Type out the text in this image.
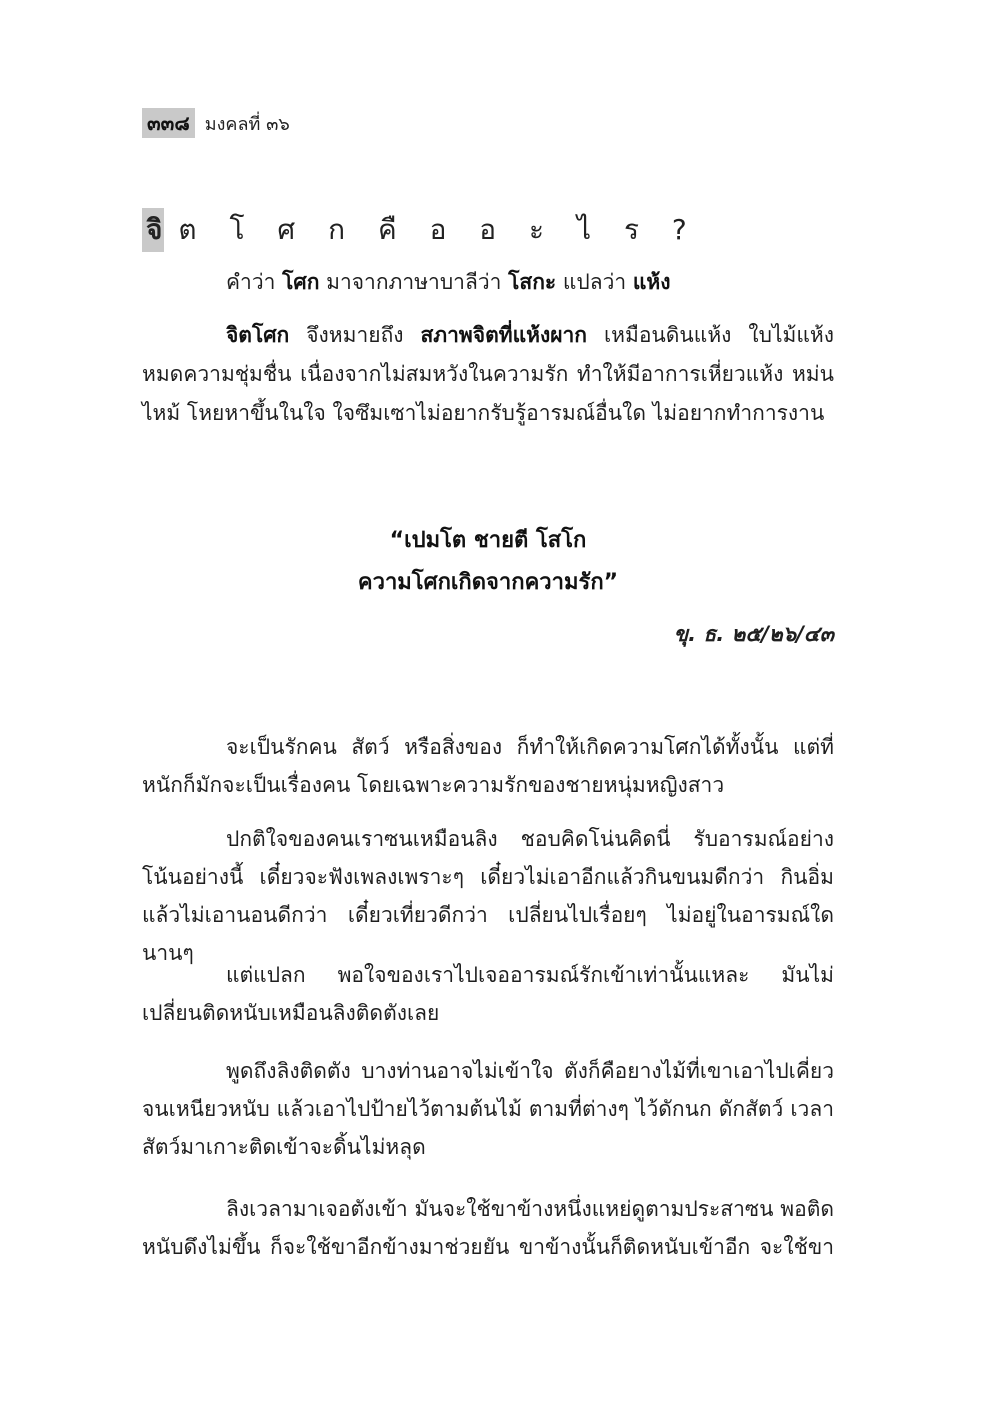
๓๓๘ มงคลที่ ๓๖
จิ ต โ ศ ก คื อ อ ะ ไ ร ?
คำว่า โศก มาจากภาษาบาลีว่า โสกะ แปลว่า แห้ง
จิตโศก จึงหมายถึง สภาพจิตที่แห้งผาก เหมือนดินแห้ง ใบไม้แห้ง หมดความชุ่มชื่น เนื่องจากไม่สมหวังในความรัก ทำให้มีอาการเหี่ยวแห้ง หม่นไหม้ โหยหาขึ้นในใจ ใจซึมเซาไม่อยากรับรู้อารมณ์อื่นใด ไม่อยากทำการงาน
“เปมโต ชายตี โสโก
ความโศกเกิดจากความรัก”
ขุ. ธ. ๒๕/๒๖/๔๓
จะเป็นรักคน สัตว์ หรือสิ่งของ ก็ทำให้เกิดความโศกได้ทั้งนั้น แต่ที่หนักก็มักจะเป็นเรื่องคน โดยเฉพาะความรักของชายหนุ่มหญิงสาว
ปกติใจของคนเราซนเหมือนลิง ชอบคิดโน่นคิดนี่ รับอารมณ์อย่างโน้นอย่างนี้ เดี๋ยวจะฟังเพลงเพราะๆ เดี๋ยวไม่เอาอีกแล้วกินขนมดีกว่า กินอิ่มแล้วไม่เอานอนดีกว่า เดี๋ยวเที่ยวดีกว่า เปลี่ยนไปเรื่อยๆ ไม่อยู่ในอารมณ์ใดนานๆ
แต่แปลก พอใจของเราไปเจออารมณ์รักเข้าเท่านั้นแหละ มันไม่เปลี่ยนติดหนับเหมือนลิงติดตังเลย
พูดถึงลิงติดตัง บางท่านอาจไม่เข้าใจ ตังก็คือยางไม้ที่เขาเอาไปเคี่ยวจนเหนียวหนับ แล้วเอาไปป้ายไว้ตามต้นไม้ ตามที่ต่างๆ ไว้ดักนก ดักสัตว์ เวลาสัตว์มาเกาะติดเข้าจะดิ้นไม่หลุด
ลิงเวลามาเจอตังเข้า มันจะใช้ขาข้างหนึ่งแหย่ดูตามประสาซน พอติดหนับดึงไม่ขึ้น ก็จะใช้ขาอีกข้างมาช่วยยัน ขาข้างนั้นก็ติดหนับเข้าอีก จะใช้ขา
